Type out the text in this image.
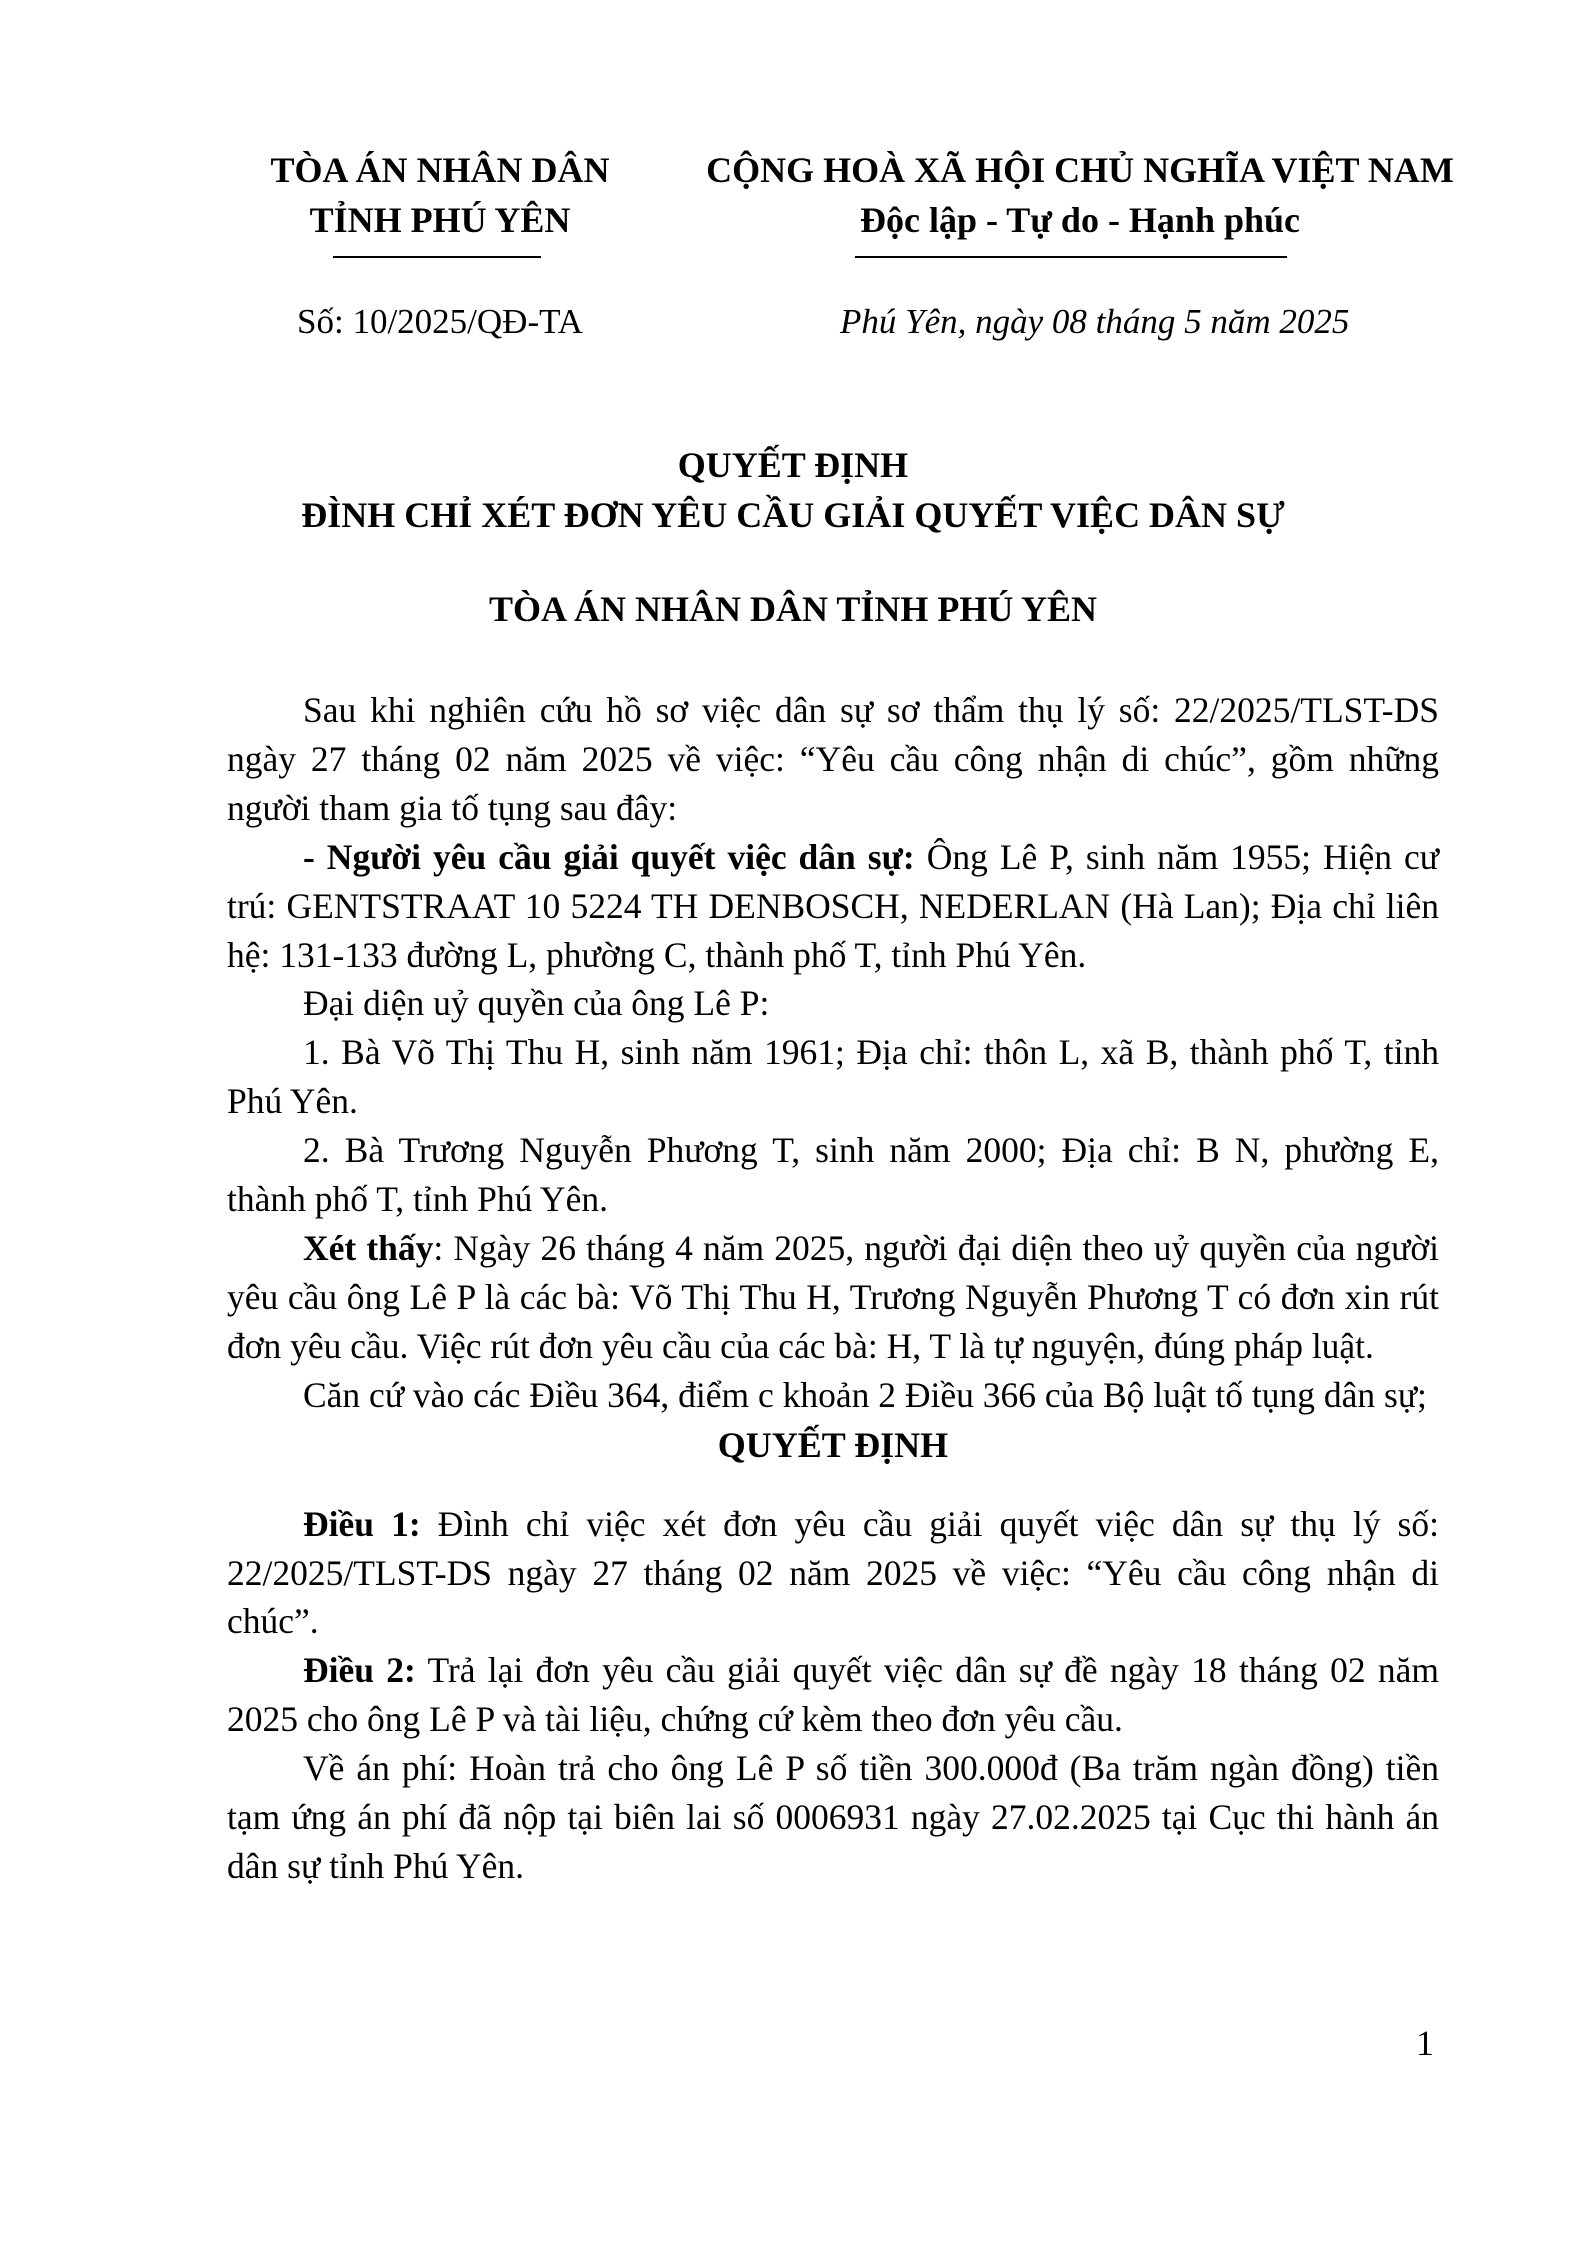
TÒA ÁN NHÂN DÂN
TỈNH PHÚ YÊN
CỘNG HOÀ XÃ HỘI CHỦ NGHĨA VIỆT NAM
Độc lập - Tự do - Hạnh phúc
Số: 10/2025/QĐ-TA	Phú Yên, ngày 08 tháng 5 năm 2025
QUYẾT ĐỊNH
ĐÌNH CHỈ XÉT ĐƠN YÊU CẦU GIẢI QUYẾT VIỆC DÂN SỰ
TÒA ÁN NHÂN DÂN TỈNH PHÚ YÊN

Sau khi nghiên cứu hồ sơ việc dân sự sơ thẩm thụ lý số: 22/2025/TLST-DS ngày 27 tháng 02 năm 2025 về việc: “Yêu cầu công nhận di chúc”, gồm những người tham gia tố tụng sau đây:

- Người yêu cầu giải quyết việc dân sự: Ông Lê P, sinh năm 1955; Hiện cư trú: GENTSTRAAT 10 5224 TH DENBOSCH, NEDERLAN (Hà Lan); Địa chỉ liên hệ: 131-133 đường L, phường C, thành phố T, tỉnh Phú Yên.

Đại diện uỷ quyền của ông Lê P:

1. Bà Võ Thị Thu H, sinh năm 1961; Địa chỉ: thôn L, xã B, thành phố T, tỉnh Phú Yên.

2. Bà Trương Nguyễn Phương T, sinh năm 2000; Địa chỉ: B N, phường E, thành phố T, tỉnh Phú Yên.

Xét thấy: Ngày 26 tháng 4 năm 2025, người đại diện theo uỷ quyền của người yêu cầu ông Lê P là các bà: Võ Thị Thu H, Trương Nguyễn Phương T có đơn xin rút đơn yêu cầu. Việc rút đơn yêu cầu của các bà: H, T là tự nguyện, đúng pháp luật.

Căn cứ vào các Điều 364, điểm c khoản 2 Điều 366 của Bộ luật tố tụng dân sự;

QUYẾT ĐỊNH

Điều 1: Đình chỉ việc xét đơn yêu cầu giải quyết việc dân sự thụ lý số: 22/2025/TLST-DS ngày 27 tháng 02 năm 2025 về việc: “Yêu cầu công nhận di chúc”.

Điều 2: Trả lại đơn yêu cầu giải quyết việc dân sự đề ngày 18 tháng 02 năm 2025 cho ông Lê P và tài liệu, chứng cứ kèm theo đơn yêu cầu.

Về án phí: Hoàn trả cho ông Lê P số tiền 300.000đ (Ba trăm ngàn đồng) tiền tạm ứng án phí đã nộp tại biên lai số 0006931 ngày 27.02.2025 tại Cục thi hành án dân sự tỉnh Phú Yên.

1
